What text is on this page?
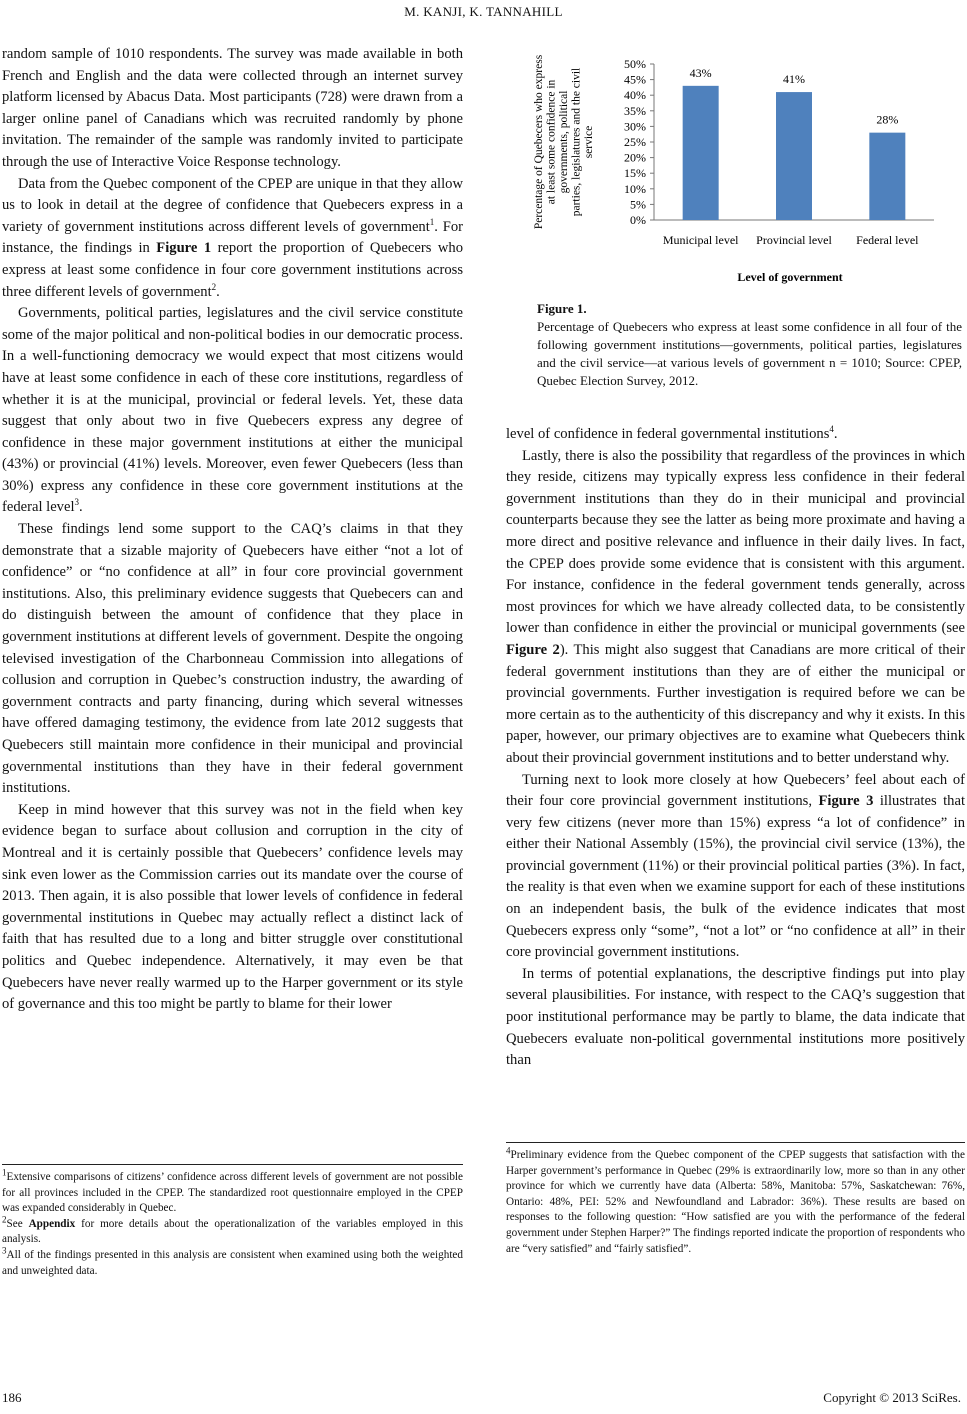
M. KANJI, K. TANNAHILL

random sample of 1010 respondents. The survey was made available in both French and English and the data were collected through an internet survey platform licensed by Abacus Data. Most participants (728) were drawn from a larger online panel of Canadians which was recruited randomly by phone invitation. The remainder of the sample was randomly invited to participate through the use of Interactive Voice Response technology.

Data from the Quebec component of the CPEP are unique in that they allow us to look in detail at the degree of confidence that Quebecers express in a variety of government institutions across different levels of government$^1$. For instance, the findings in Figure 1 report the proportion of Quebecers who express at least some confidence in four core government institutions across three different levels of government$^2$.

Governments, political parties, legislatures and the civil service constitute some of the major political and non-political bodies in our democratic process. In a well-functioning democracy we would expect that most citizens would have at least some confidence in each of these core institutions, regardless of whether it is at the municipal, provincial or federal levels. Yet, these data suggest that only about two in five Quebecers express any degree of confidence in these major government institutions at either the municipal (43%) or provincial (41%) levels. Moreover, even fewer Quebecers (less than 30%) express any confidence in these core government institutions at the federal level$^3$.

These findings lend some support to the CAQ’s claims in that they demonstrate that a sizable majority of Quebecers have either “not a lot of confidence” or “no confidence at all” in four core provincial government institutions. Also, this preliminary evidence suggests that Quebecers can and do distinguish between the amount of confidence that they place in government institutions at different levels of government. Despite the ongoing televised investigation of the Charbonneau Commission into allegations of collusion and corruption in Quebec’s construction industry, the awarding of government contracts and party financing, during which several witnesses have offered damaging testimony, the evidence from late 2012 suggests that Quebecers still maintain more confidence in their municipal and provincial governmental institutions than they have in their federal government institutions.

Keep in mind however that this survey was not in the field when key evidence began to surface about collusion and corruption in the city of Montreal and it is certainly possible that Quebecers’ confidence levels may sink even lower as the Commission carries out its mandate over the course of 2013. Then again, it is also possible that lower levels of confidence in federal governmental institutions in Quebec may actually reflect a distinct lack of faith that has resulted due to a long and bitter struggle over constitutional politics and Quebec independence. Alternatively, it may even be that Quebecers have never really warmed up to the Harper government or its style of governance and this too might be partly to blame for their lower

Percentage of Quebecers who express at least some confidence in governments, political parties, legislatures and the civil service
0%
5%
10%
15%
20%
25%
30%
35%
40%
45%
50%
43%	41%
28%
Municipal level Provincial level Federal level
Level of government
Figure 1.
Percentage of Quebecers who express at least some confidence in all four of the following government institutions—governments, political parties, legislatures and the civil service—at various levels of government n = 1010; Source: CPEP, Quebec Election Survey, 2012.

level of confidence in federal governmental institutions$^4$.

Lastly, there is also the possibility that regardless of the provinces in which they reside, citizens may typically express less confidence in their federal government institutions than they do in their municipal and provincial counterparts because they see the latter as being more proximate and having a more direct and positive relevance and influence in their daily lives. In fact, the CPEP does provide some evidence that is consistent with this argument. For instance, confidence in the federal government tends generally, across most provinces for which we have already collected data, to be consistently lower than confidence in either the provincial or municipal governments (see Figure 2). This might also suggest that Canadians are more critical of their federal government institutions than they are of either the municipal or provincial governments. Further investigation is required before we can be more certain as to the authenticity of this discrepancy and why it exists. In this paper, however, our primary objectives are to examine what Quebecers think about their provincial government institutions and to better understand why.

Turning next to look more closely at how Quebecers’ feel about each of their four core provincial government institutions, Figure 3 illustrates that very few citizens (never more than 15%) express “a lot of confidence” in either their National Assembly (15%), the provincial civil service (13%), the provincial government (11%) or their provincial political parties (3%). In fact, the reality is that even when we examine support for each of these institutions on an independent basis, the bulk of the evidence indicates that most Quebecers express only “some”, “not a lot” or “no confidence at all” in their core provincial government institutions.

In terms of potential explanations, the descriptive findings put into play several plausibilities. For instance, with respect to the CAQ’s suggestion that poor institutional performance may be partly to blame, the data indicate that Quebecers evaluate non-political governmental institutions more positively than

$^1$Extensive comparisons of citizens’ confidence across different levels of government are not possible for all provinces included in the CPEP. The standardized root questionnaire employed in the CPEP was expanded considerably in Quebec.

$^2$See Appendix for more details about the operationalization of the variables employed in this analysis.

$^3$All of the findings presented in this analysis are consistent when examined using both the weighted and unweighted data.

$^4$Preliminary evidence from the Quebec component of the CPEP suggests that satisfaction with the Harper government’s performance in Quebec (29% is extraordinarily low, more so than in any other province for which we currently have data (Alberta: 58%, Manitoba: 57%, Saskatchewan: 76%, Ontario: 48%, PEI: 52% and Newfoundland and Labrador: 36%). These results are based on responses to the following question: “How satisfied are you with the performance of the federal government under Stephen Harper?” The findings reported indicate the proportion of respondents who are “very satisfied” and “fairly satisfied”.

186	Copyright © 2013 SciRes.
